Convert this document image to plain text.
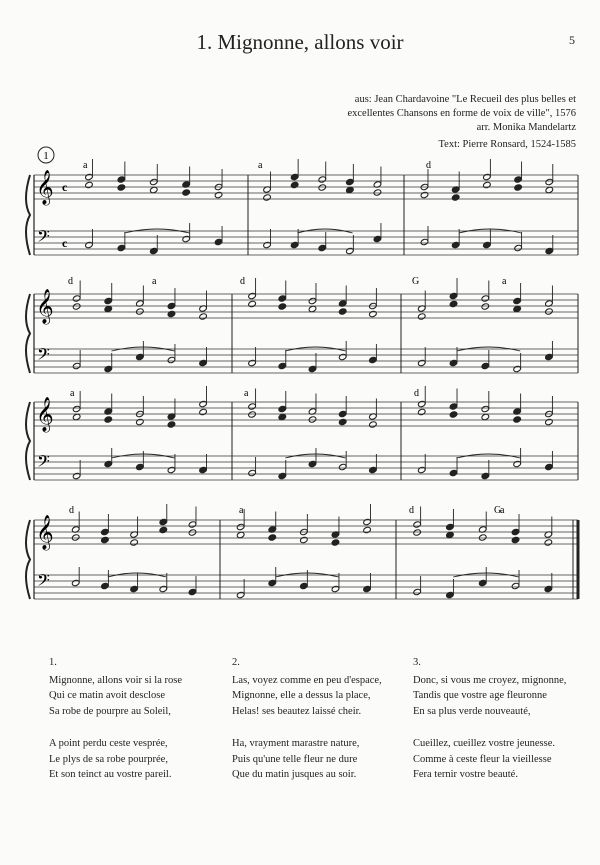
1. Mignonne, allons voir	5
aus: Jean Chardavoine "Le Recueil des plus belles et
excellentes Chansons en forme de voix de ville", 1576
arr. Monika Mandelartz
Text: Pierre Ronsard, 1524-1585
1
𝄞
𝄢
c
c
a	a	d
𝄞
𝄢
d	a	d	G	a
𝄞
𝄢
a	a	d
𝄞
𝄢
d	a	d	G
a
1.
Mignonne, allons voir si la rose
Qui ce matin avoit desclose
Sa robe de pourpre au Soleil,
A point perdu ceste vesprée,
Le plys de sa robe pourprée,
Et son teinct au vostre pareil.
2.
Las, voyez comme en peu d'espace,
Mignonne, elle a dessus la place,
Helas! ses beautez laissé cheir.
Ha, vrayment marastre nature,
Puis qu'une telle fleur ne dure
Que du matin jusques au soir.
3.
Donc, si vous me croyez, mignonne,
Tandis que vostre age fleuronne
En sa plus verde nouveauté,
Cueillez, cueillez vostre jeunesse.
Comme à ceste fleur la vieillesse
Fera ternir vostre beauté.
